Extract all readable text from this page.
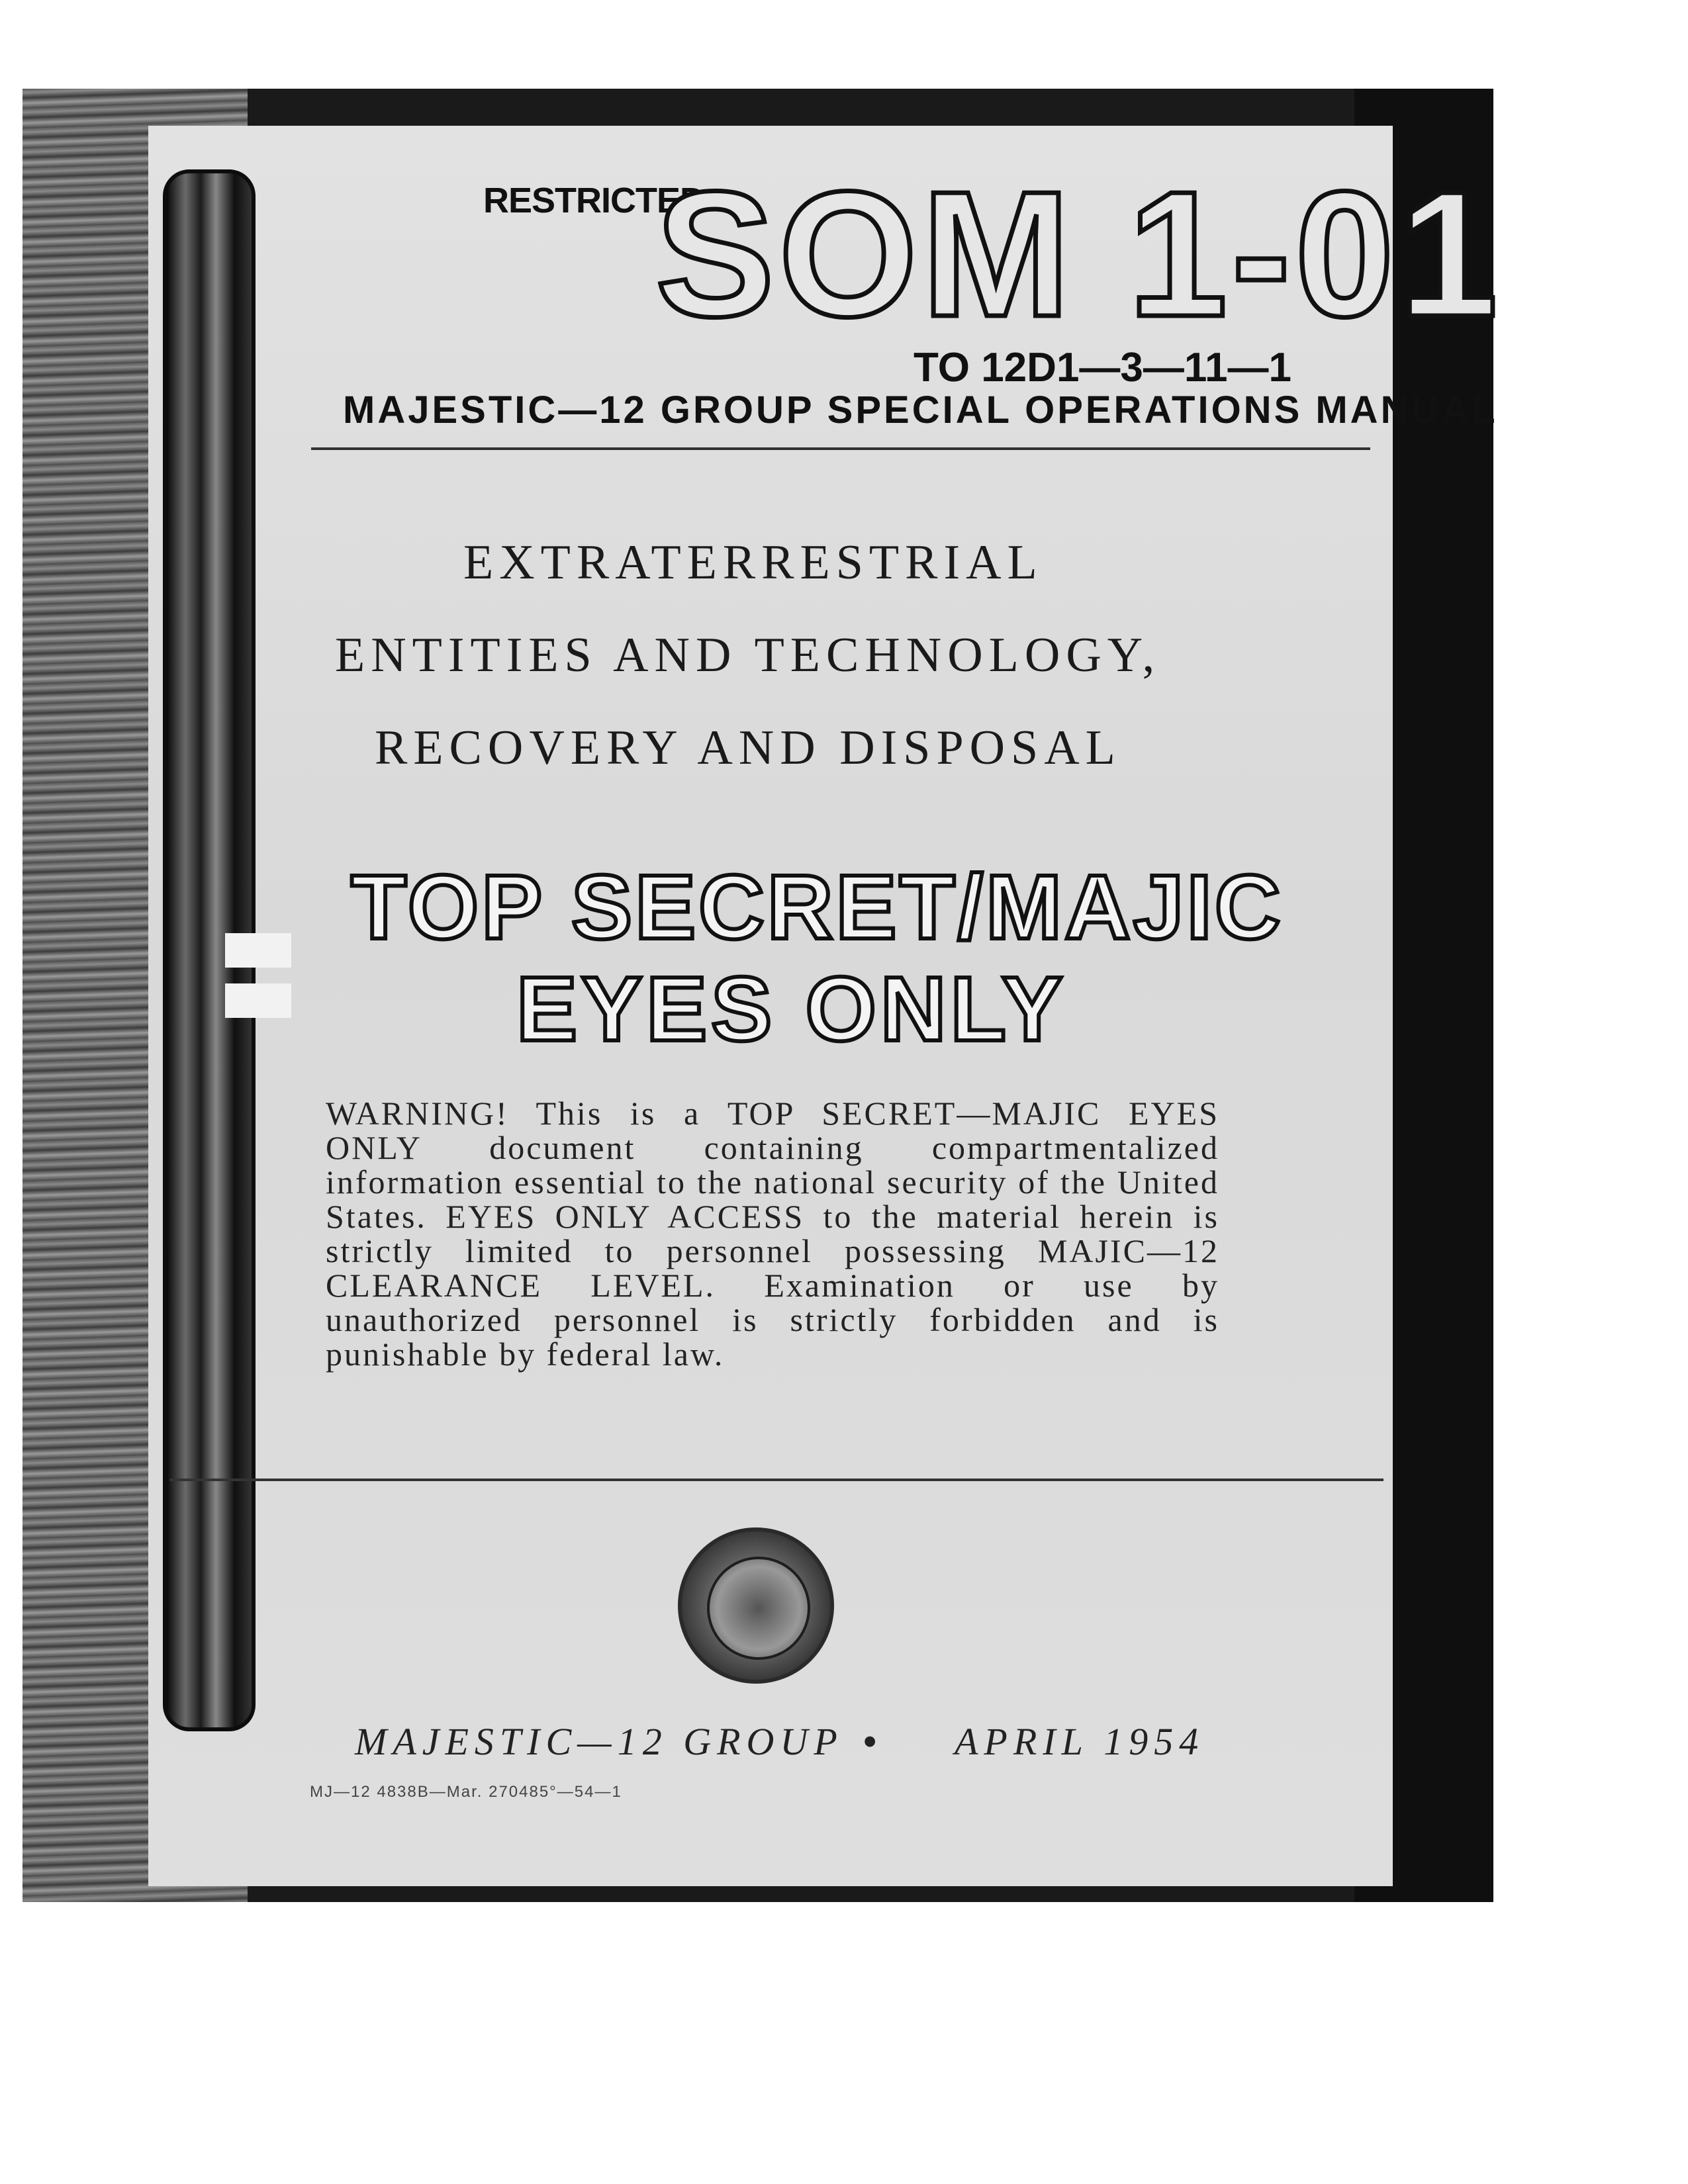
RESTRICTED
SOM 1-01
TO 12D1—3—11—1
MAJESTIC—12 GROUP SPECIAL OPERATIONS MANUAL
EXTRATERRESTRIAL
ENTITIES AND TECHNOLOGY,
RECOVERY AND DISPOSAL
TOP SECRET/MAJIC
EYES ONLY
WARNING! This is a TOP SECRET—MAJIC EYES ONLY document containing compartmentalized information essential to the national security of the United States. EYES ONLY ACCESS to the material herein is strictly limited to personnel possessing MAJIC—12 CLEARANCE LEVEL. Examination or use by unauthorized personnel is strictly forbidden and is punishable by federal law.
MAJESTIC—12 GROUP • APRIL 1954
MJ—12 4838B—Mar. 270485°—54—1
